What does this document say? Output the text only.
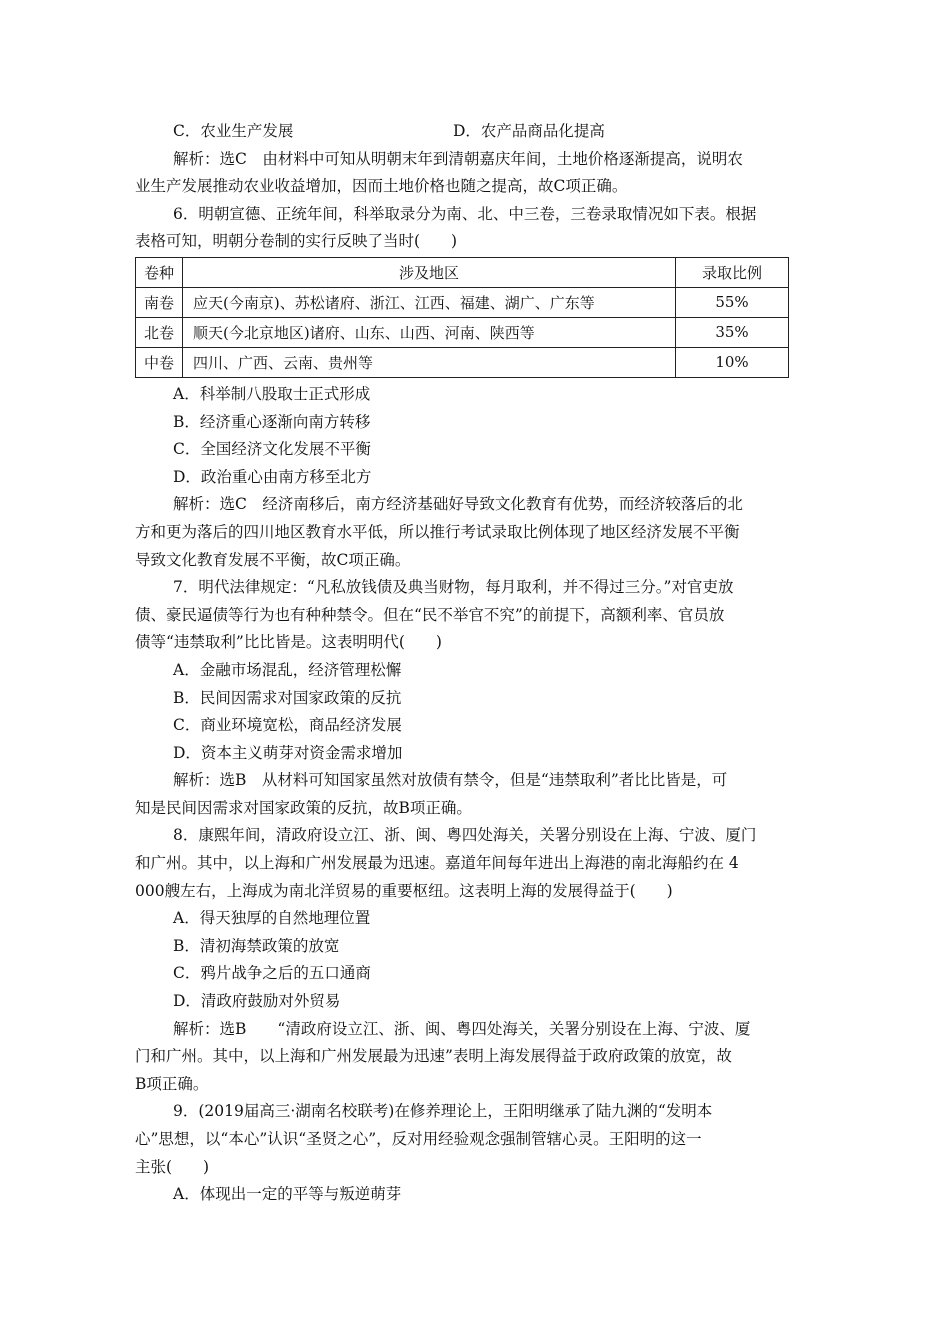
C．农业生产发展	D．农产品商品化提高
解析：选C　由材料中可知从明朝末年到清朝嘉庆年间，土地价格逐渐提高，说明农
业生产发展推动农业收益增加，因而土地价格也随之提高，故C项正确。
6．明朝宣德、正统年间，科举取录分为南、北、中三卷，三卷录取情况如下表。根据
表格可知，明朝分卷制的实行反映了当时(　　)
卷种	涉及地区	录取比例
南卷	应天(今南京)、苏松诸府、浙江、江西、福建、湖广、广东等	55%
北卷	顺天(今北京地区)诸府、山东、山西、河南、陕西等	35%
中卷	四川、广西、云南、贵州等	10%
A．科举制八股取士正式形成
B．经济重心逐渐向南方转移
C．全国经济文化发展不平衡
D．政治重心由南方移至北方
解析：选C　经济南移后，南方经济基础好导致文化教育有优势，而经济较落后的北
方和更为落后的四川地区教育水平低，所以推行考试录取比例体现了地区经济发展不平衡
导致文化教育发展不平衡，故C项正确。
7．明代法律规定：“凡私放钱债及典当财物，每月取利，并不得过三分。”对官吏放
债、豪民逼债等行为也有种种禁令。但在“民不举官不究”的前提下，高额利率、官员放
债等“违禁取利”比比皆是。这表明明代(　　)
A．金融市场混乱，经济管理松懈
B．民间因需求对国家政策的反抗
C．商业环境宽松，商品经济发展
D．资本主义萌芽对资金需求增加
解析：选B　从材料可知国家虽然对放债有禁令，但是“违禁取利”者比比皆是，可
知是民间因需求对国家政策的反抗，故B项正确。
8．康熙年间，清政府设立江、浙、闽、粤四处海关，关署分别设在上海、宁波、厦门
和广州。其中，以上海和广州发展最为迅速。嘉道年间每年进出上海港的南北海船约在 4
000艘左右，上海成为南北洋贸易的重要枢纽。这表明上海的发展得益于(　　)
A．得天独厚的自然地理位置
B．清初海禁政策的放宽
C．鸦片战争之后的五口通商
D．清政府鼓励对外贸易
解析：选B　　“清政府设立江、浙、闽、粤四处海关，关署分别设在上海、宁波、厦
门和广州。其中，以上海和广州发展最为迅速”表明上海发展得益于政府政策的放宽，故
B项正确。
9．(2019届高三·湖南名校联考)在修养理论上，王阳明继承了陆九渊的“发明本
心”思想，以“本心”认识“圣贤之心”，反对用经验观念强制管辖心灵。王阳明的这一
主张(　　)
A．体现出一定的平等与叛逆萌芽
